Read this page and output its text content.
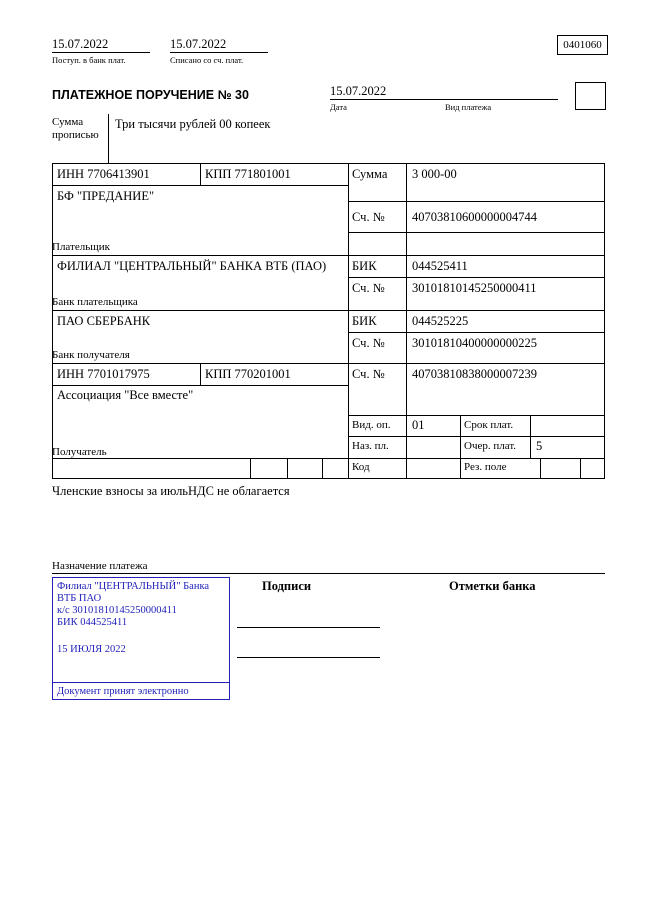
15.07.2022	15.07.2022
Поступ. в банк плат.	Списано со сч. плат.
0401060
ПЛАТЕЖНОЕ ПОРУЧЕНИЕ № 30	15.07.2022
Дата	Вид платежа
Сумма
прописью
Три тысячи рублей 00 копеек
ИНН 7706413901	КПП 771801001	Сумма 3 000-00
БФ "ПРЕДАНИЕ"
Сч. № 40703810600000004744
Плательщик
ФИЛИАЛ "ЦЕНТРАЛЬНЫЙ" БАНКА ВТБ (ПАО) БИК	044525411
Сч. № 30101810145250000411
Банк плательщика
ПАО СБЕРБАНК	БИК	044525225
Сч. № 30101810400000000225
Банк получателя
ИНН 7701017975	КПП 770201001	Сч. № 40703810838000007239
Ассоциация "Все вместе"
Вид. оп. 01	Срок плат.
Наз. пл.	Очер. плат. 5
Получатель
Код	Рез. поле
Членские взносы за июльНДС не облагается
Назначение платежа
Филиал "ЦЕНТРАЛЬНЫЙ" Банка
ВТБ ПАО
к/с 30101810145250000411
БИК 044525411
15 ИЮЛЯ 2022
Документ принят электронно
Подписи	Отметки банка
